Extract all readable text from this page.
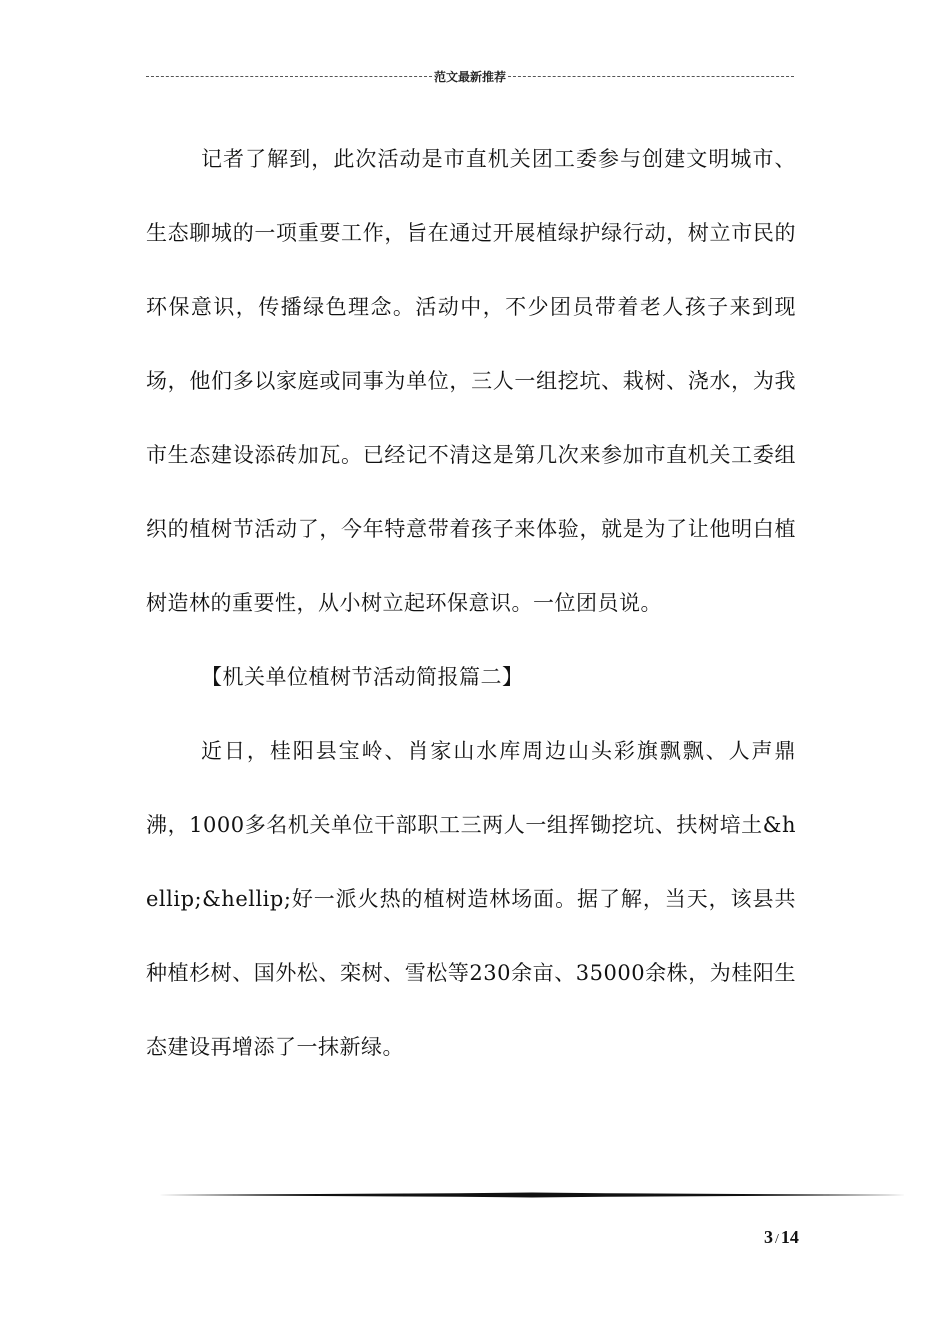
范文最新推荐

记者了解到，此次活动是市直机关团工委参与创建文明城市、生态聊城的一项重要工作，旨在通过开展植绿护绿行动，树立市民的环保意识，传播绿色理念。活动中，不少团员带着老人孩子来到现场，他们多以家庭或同事为单位，三人一组挖坑、栽树、浇水，为我市生态建设添砖加瓦。已经记不清这是第几次来参加市直机关工委组织的植树节活动了，今年特意带着孩子来体验，就是为了让他明白植树造林的重要性，从小树立起环保意识。一位团员说。

【机关单位植树节活动简报篇二】

近日，桂阳县宝岭、肖家山水库周边山头彩旗飘飘、人声鼎沸，1000多名机关单位干部职工三两人一组挥锄挖坑、扶树培土&hellip;&hellip;好一派火热的植树造林场面。据了解，当天，该县共种植杉树、国外松、栾树、雪松等230余亩、35000余株，为桂阳生态建设再增添了一抹新绿。

3 / 14
